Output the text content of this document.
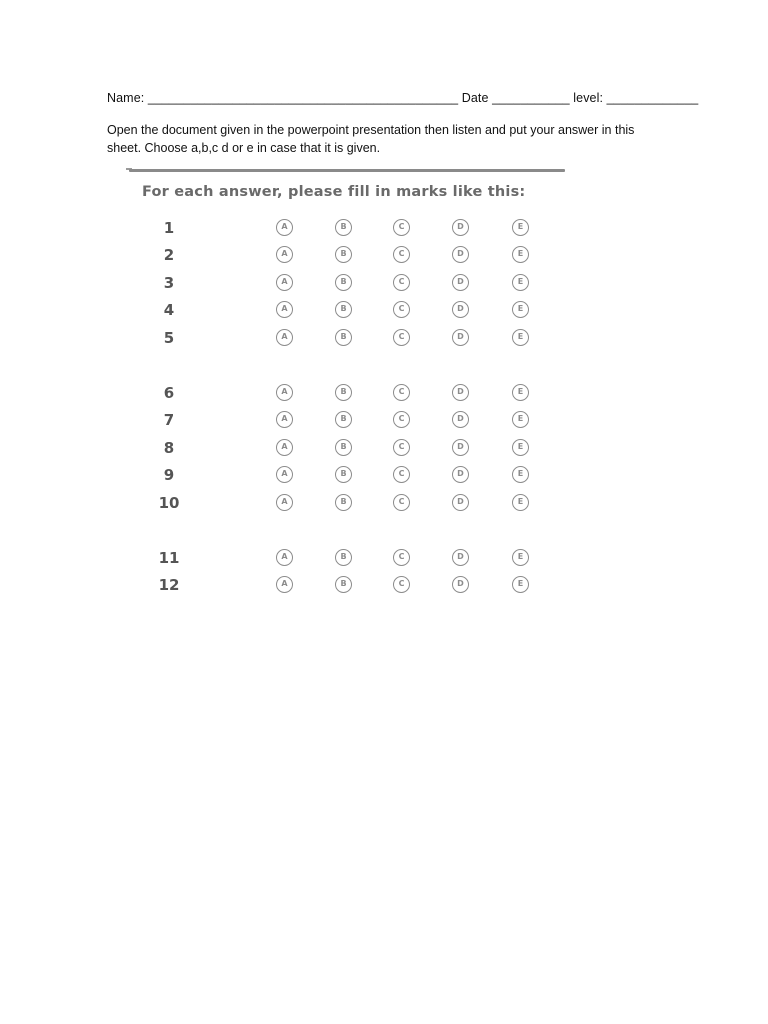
Name: ____________________________________________ Date ___________ level: _____________
Open the document given in the powerpoint presentation then listen and put your answer in this sheet. Choose a,b,c d or e in case that it is given.
For each answer, please fill in marks like this:
1	A	B	C	D	E
2	A	B	C	D	E
3	A	B	C	D	E
4	A	B	C	D	E
5	A	B	C	D	E
6	A	B	C	D	E
7	A	B	C	D	E
8	A	B	C	D	E
9	A	B	C	D	E
10	A	B	C	D	E
11	A	B	C	D	E
12	A	B	C	D	E
